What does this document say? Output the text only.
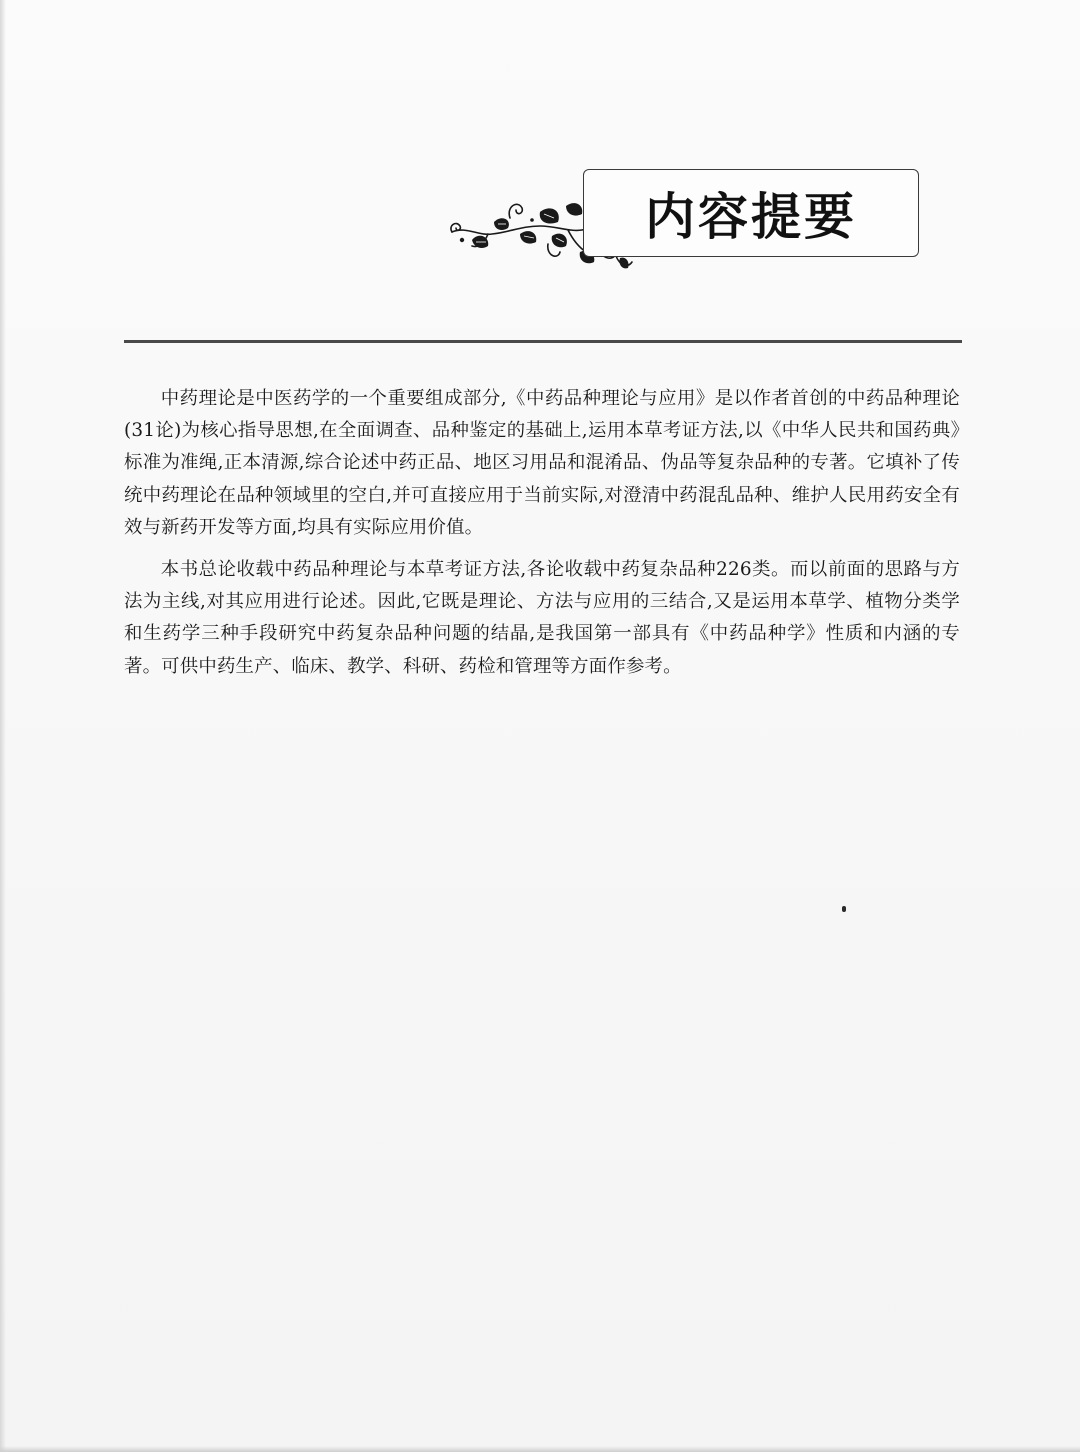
内容提要

中药理论是中医药学的一个重要组成部分,《中药品种理论与应用》是以作者首创的中药品种理论(31论)为核心指导思想,在全面调查、品种鉴定的基础上,运用本草考证方法,以《中华人民共和国药典》标准为准绳,正本清源,综合论述中药正品、地区习用品和混淆品、伪品等复杂品种的专著。它填补了传统中药理论在品种领域里的空白,并可直接应用于当前实际,对澄清中药混乱品种、维护人民用药安全有效与新药开发等方面,均具有实际应用价值。

本书总论收载中药品种理论与本草考证方法,各论收载中药复杂品种226类。而以前面的思路与方法为主线,对其应用进行论述。因此,它既是理论、方法与应用的三结合,又是运用本草学、植物分类学和生药学三种手段研究中药复杂品种问题的结晶,是我国第一部具有《中药品种学》性质和内涵的专著。可供中药生产、临床、教学、科研、药检和管理等方面作参考。
